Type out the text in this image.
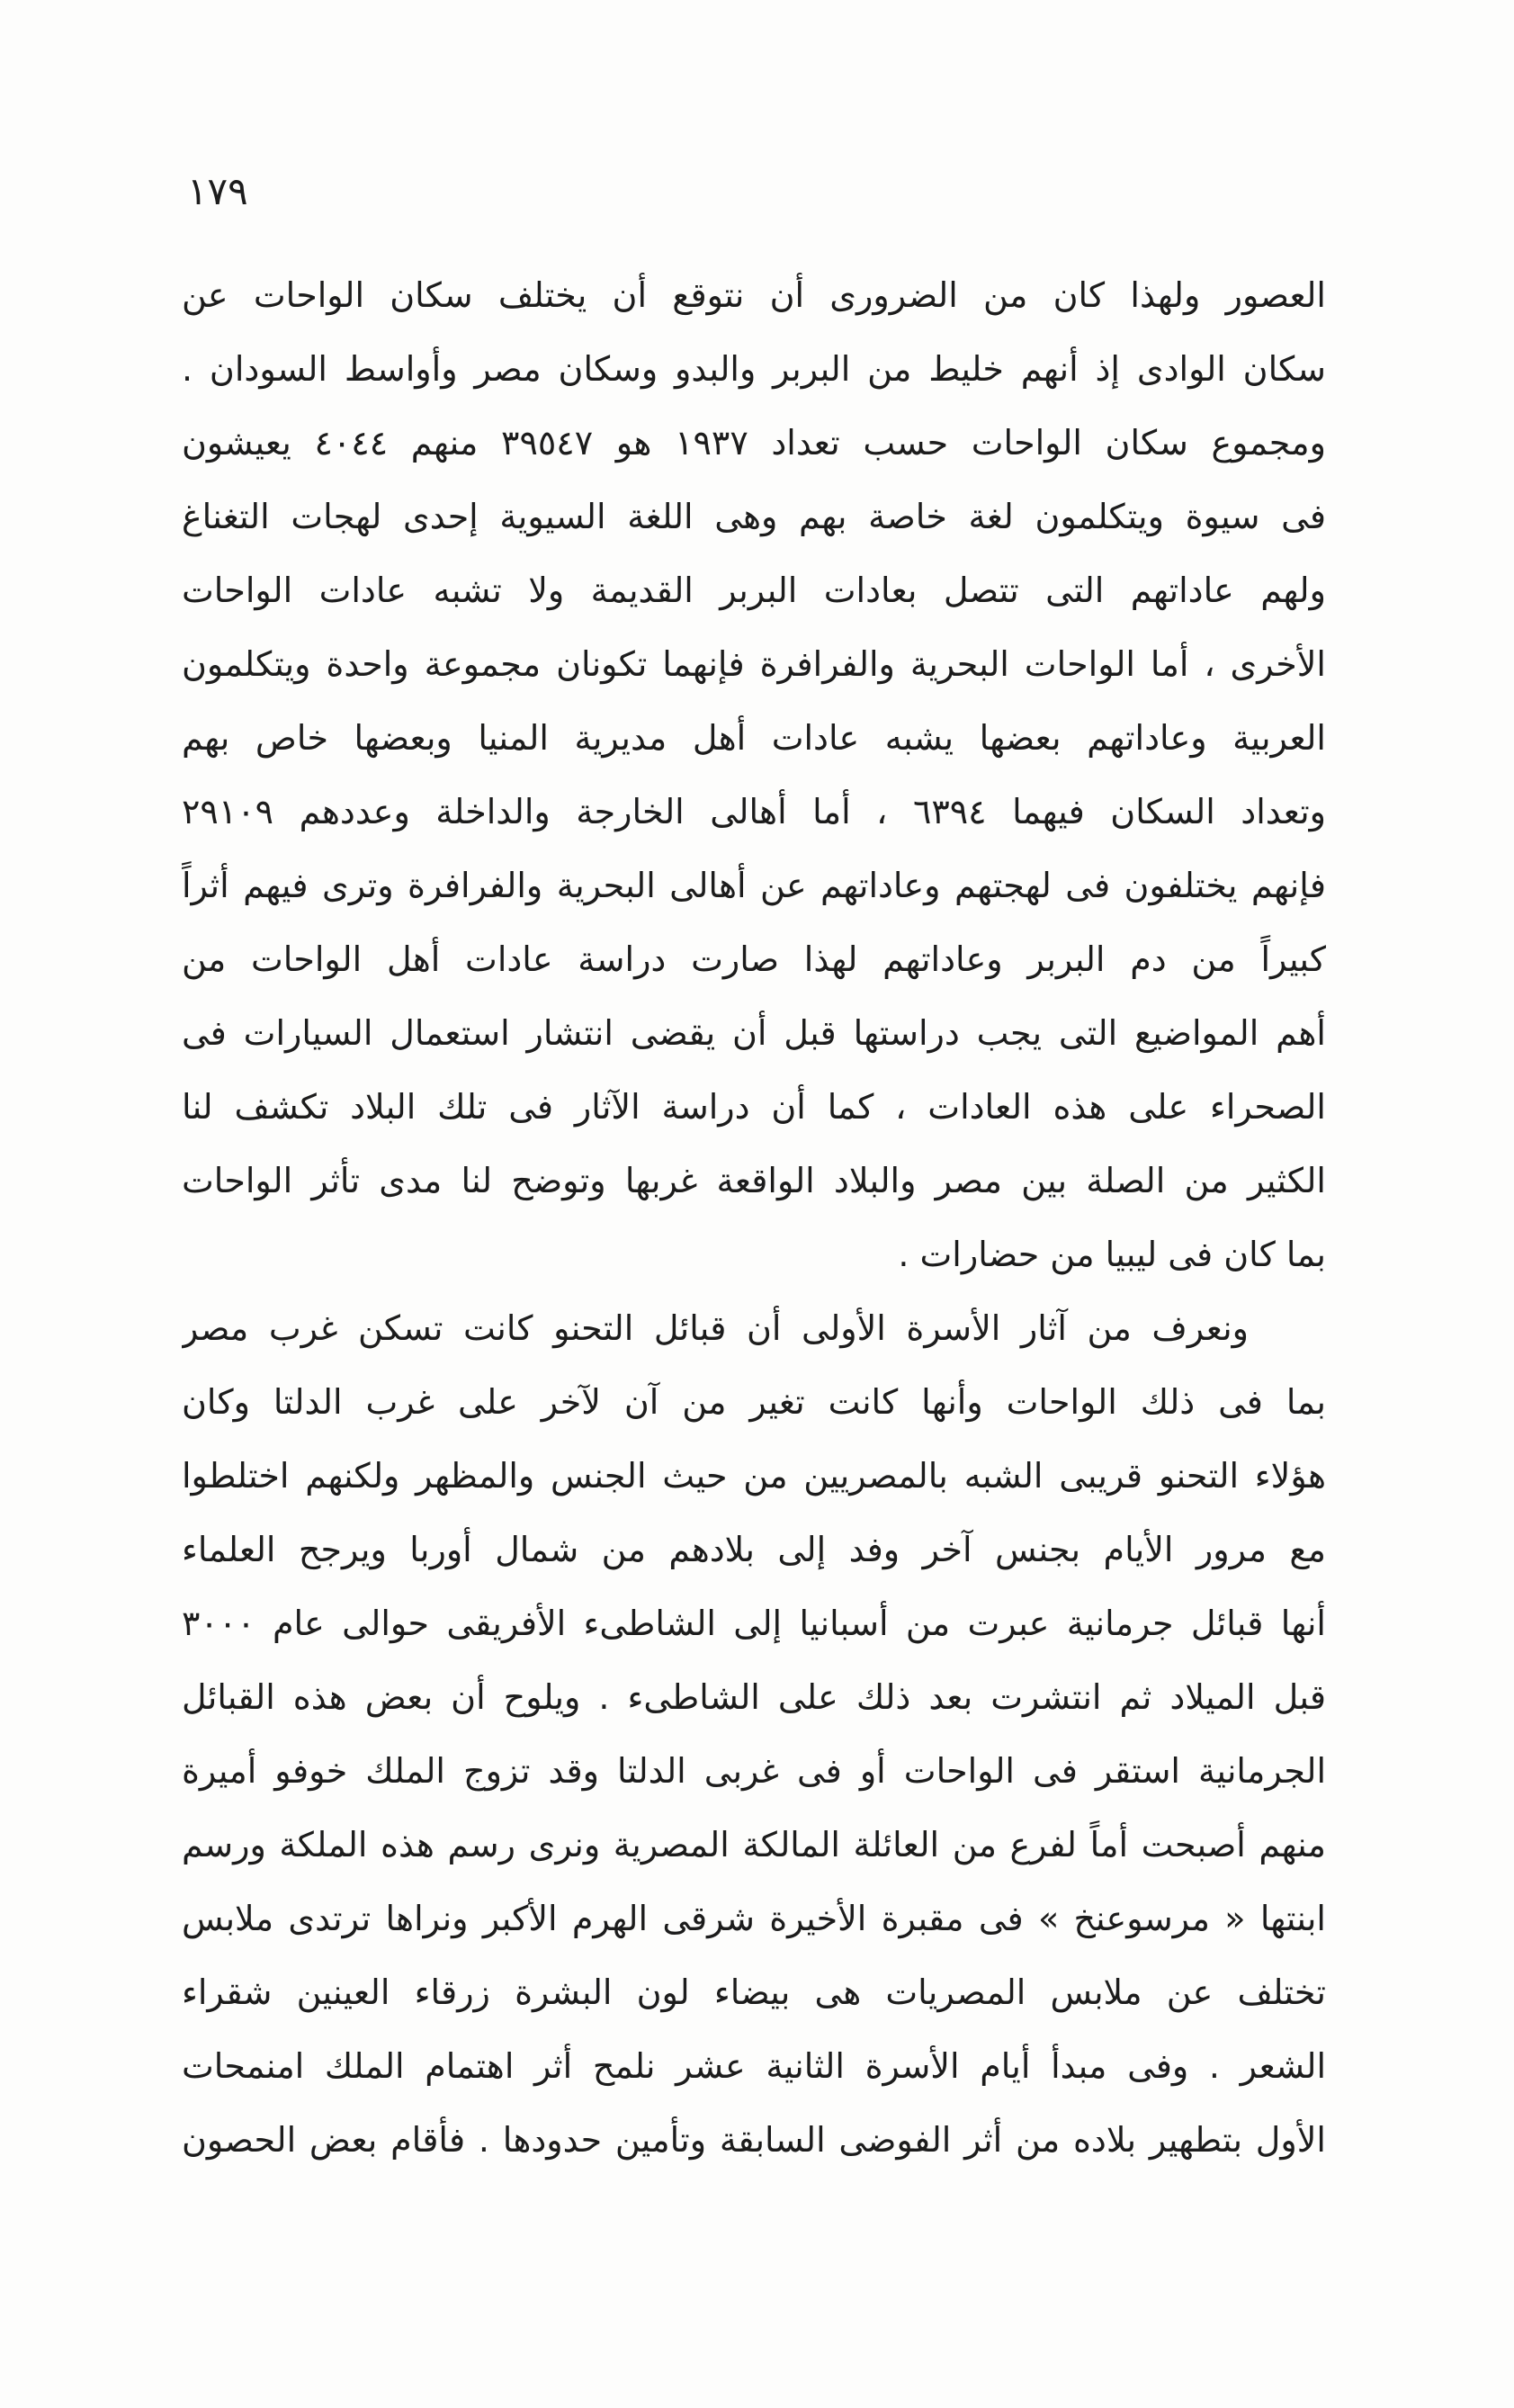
١٧٩
العصور ولهذا كان من الضرورى أن نتوقع أن يختلف سكان الواحات عن
سكان الوادى إذ أنهم خليط من البربر والبدو وسكان مصر وأواسط السودان .
ومجموع سكان الواحات حسب تعداد ١٩٣٧ هو ٣٩٥٤٧ منهم ٤٠٤٤ يعيشون
فى سيوة ويتكلمون لغة خاصة بهم وهى اللغة السيوية إحدى لهجات التغناغ
ولهم عاداتهم التى تتصل بعادات البربر القديمة ولا تشبه عادات الواحات
الأخرى ، أما الواحات البحرية والفرافرة فإنهما تكونان مجموعة واحدة ويتكلمون
العربية وعاداتهم بعضها يشبه عادات أهل مديرية المنيا وبعضها خاص بهم
وتعداد السكان فيهما ٦٣٩٤ ، أما أهالى الخارجة والداخلة وعددهم ٢٩١٠٩
فإنهم يختلفون فى لهجتهم وعاداتهم عن أهالى البحرية والفرافرة وترى فيهم أثراً
كبيراً من دم البربر وعاداتهم لهذا صارت دراسة عادات أهل الواحات من
أهم المواضيع التى يجب دراستها قبل أن يقضى انتشار استعمال السيارات فى
الصحراء على هذه العادات ، كما أن دراسة الآثار فى تلك البلاد تكشف لنا
الكثير من الصلة بين مصر والبلاد الواقعة غربها وتوضح لنا مدى تأثر الواحات
بما كان فى ليبيا من حضارات .
ونعرف من آثار الأسرة الأولى أن قبائل التحنو كانت تسكن غرب مصر
بما فى ذلك الواحات وأنها كانت تغير من آن لآخر على غرب الدلتا وكان
هؤلاء التحنو قريبى الشبه بالمصريين من حيث الجنس والمظهر ولكنهم اختلطوا
مع مرور الأيام بجنس آخر وفد إلى بلادهم من شمال أوربا ويرجح العلماء
أنها قبائل جرمانية عبرت من أسبانيا إلى الشاطىء الأفريقى حوالى عام ٣٠٠٠
قبل الميلاد ثم انتشرت بعد ذلك على الشاطىء . ويلوح أن بعض هذه القبائل
الجرمانية استقر فى الواحات أو فى غربى الدلتا وقد تزوج الملك خوفو أميرة
منهم أصبحت أماً لفرع من العائلة المالكة المصرية ونرى رسم هذه الملكة ورسم
ابنتها « مرسوعنخ » فى مقبرة الأخيرة شرقى الهرم الأكبر ونراها ترتدى ملابس
تختلف عن ملابس المصريات هى بيضاء لون البشرة زرقاء العينين شقراء
الشعر . وفى مبدأ أيام الأسرة الثانية عشر نلمح أثر اهتمام الملك امنمحات
الأول بتطهير بلاده من أثر الفوضى السابقة وتأمين حدودها . فأقام بعض الحصون
